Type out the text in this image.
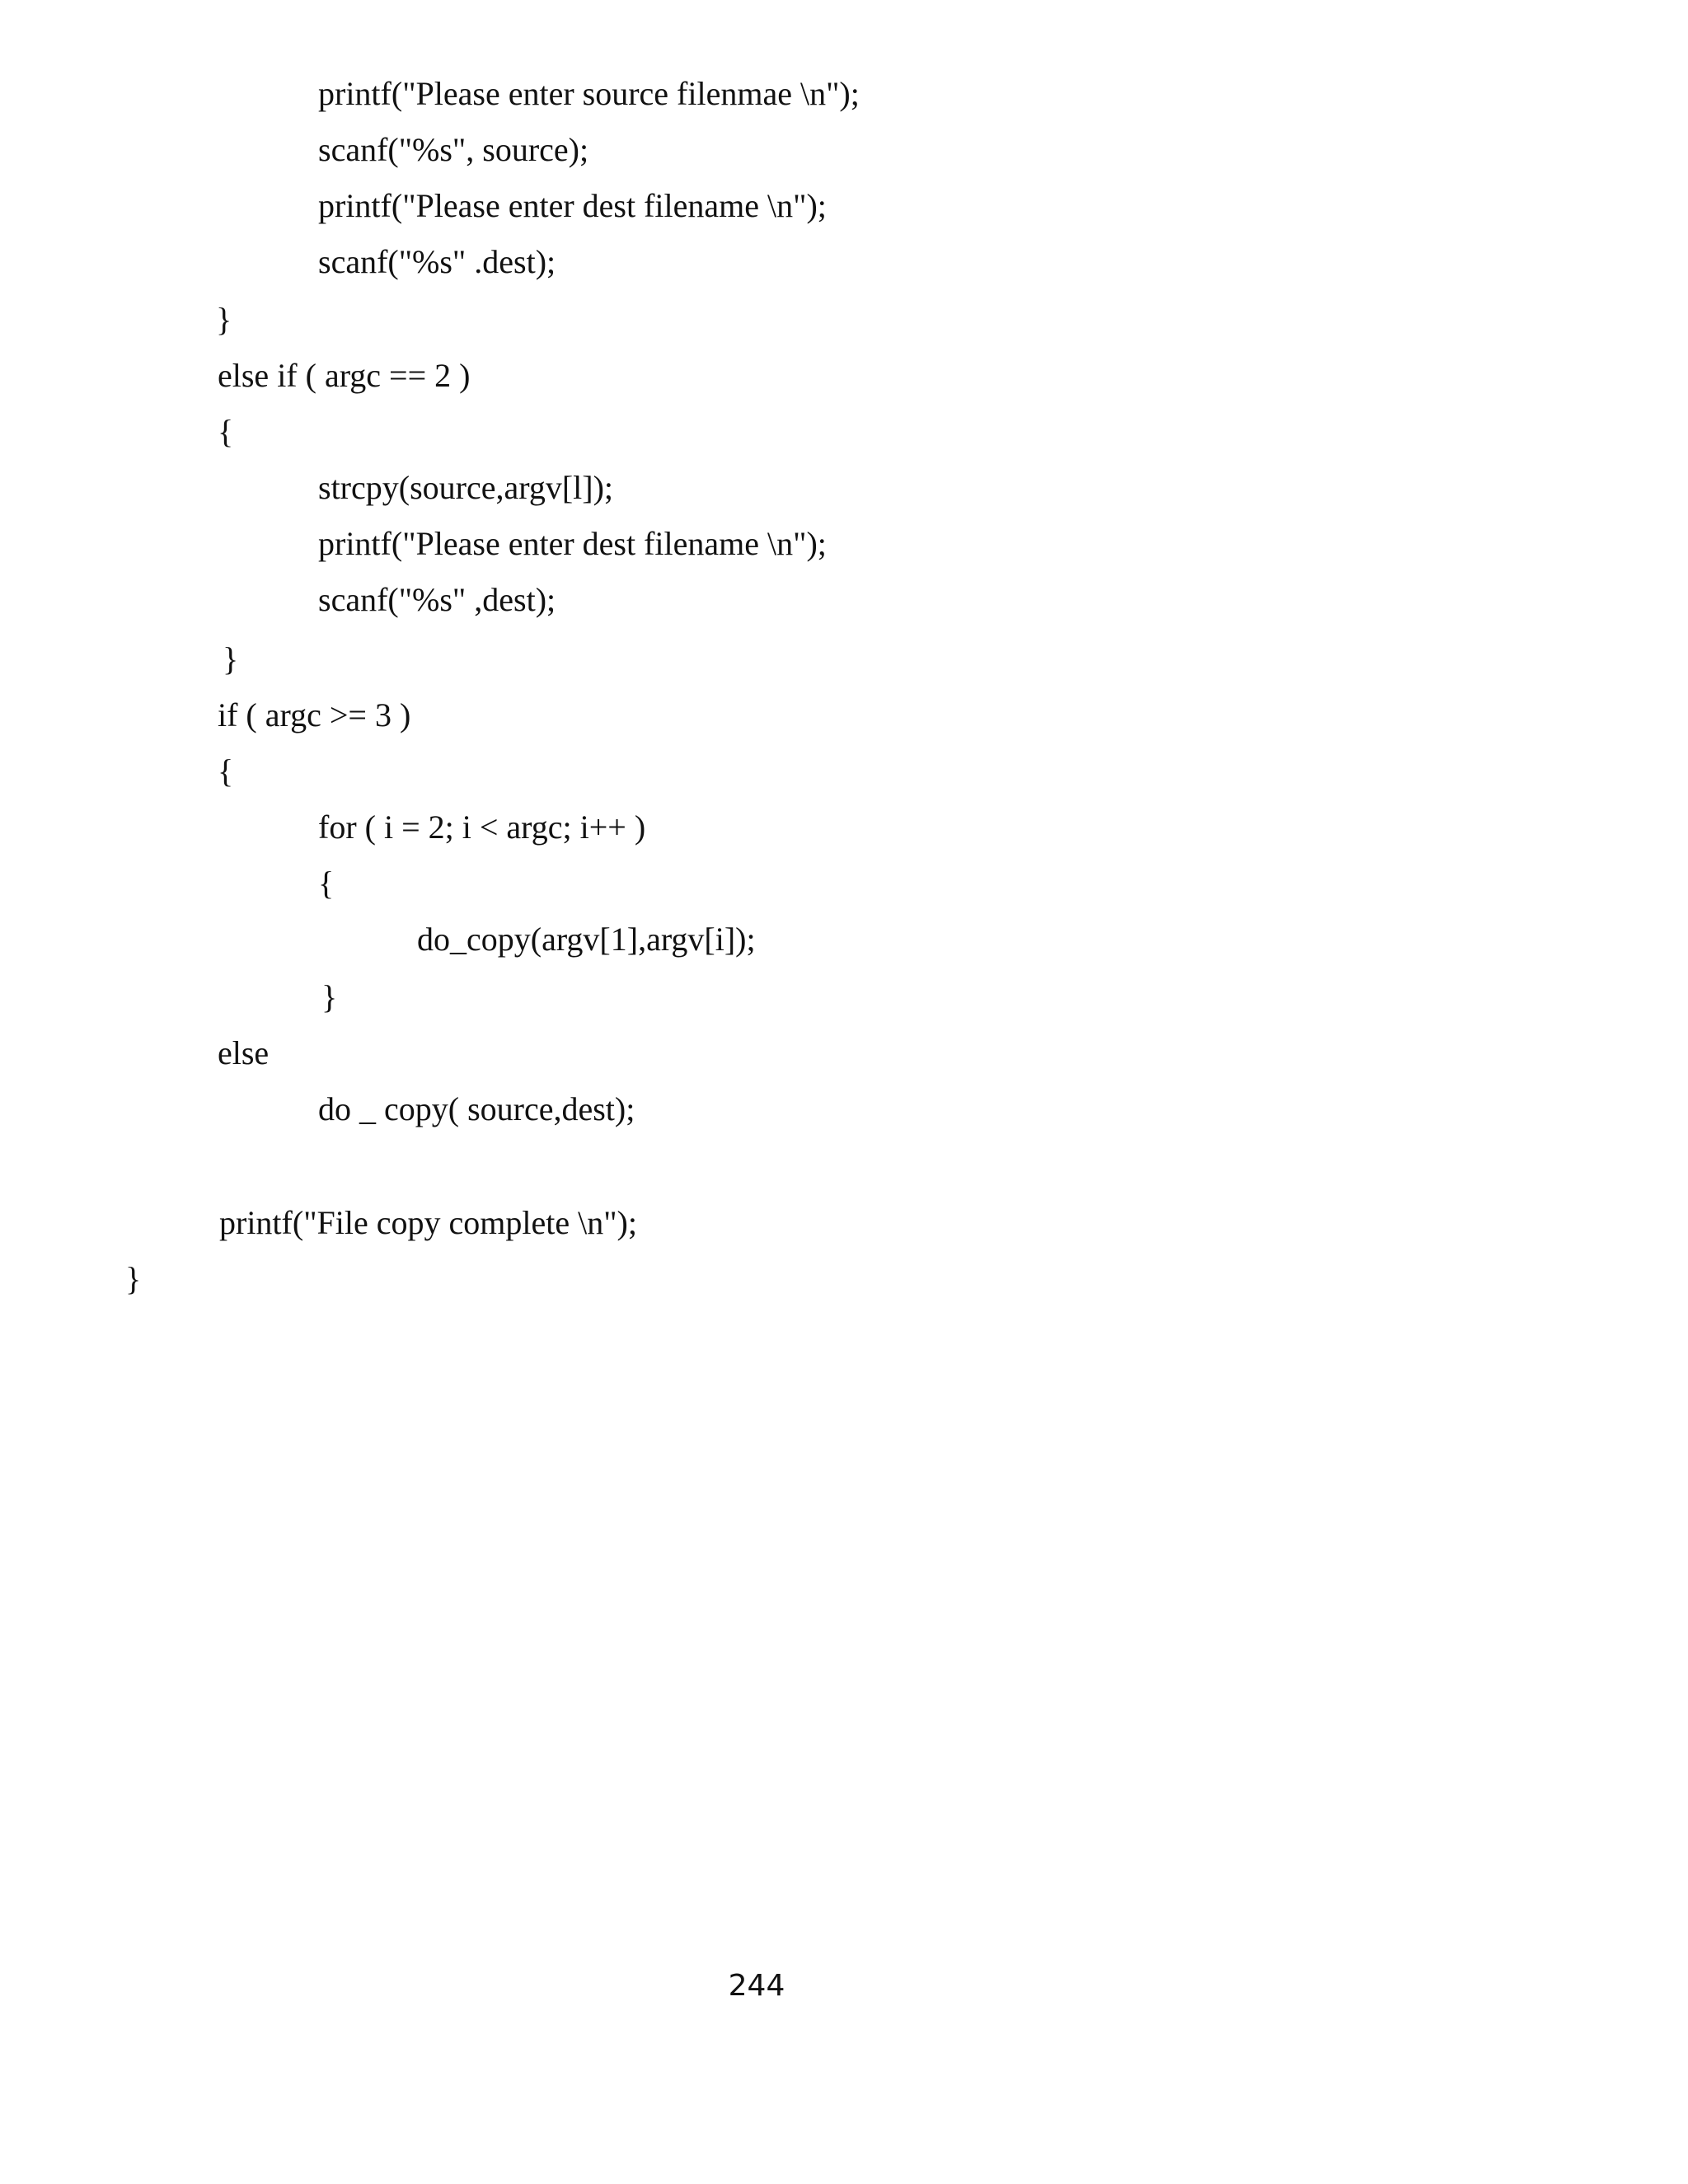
printf("Please enter source filenmae \n");

scanf("%s", source);

printf("Please enter dest filename \n");

scanf("%s" .dest);

}

else if ( argc == 2 )

{

strcpy(source,argv[l]);

printf("Please enter dest filename \n");

scanf("%s" ,dest);

}

if ( argc >= 3 )

{

for ( i = 2; i < argc; i++ )

{

do_copy(argv[1],argv[i]);

}

else

do _ copy( source,dest);

printf("File copy complete \n");

}

244
